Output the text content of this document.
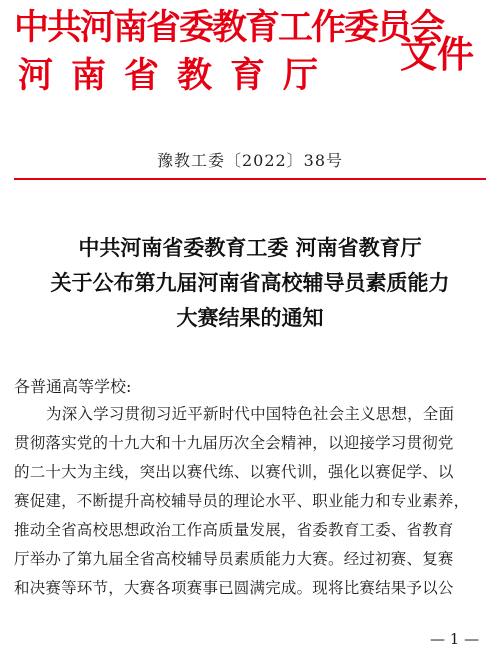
中共河南省委教育工作委员会
河南省教育厅 文件
豫教工委〔2022〕38号
中共河南省委教育工委 河南省教育厅
关于公布第九届河南省高校辅导员素质能力
大赛结果的通知
各普通高等学校:
为深入学习贯彻习近平新时代中国特色社会主义思想，全面
贯彻落实党的十九大和十九届历次全会精神，以迎接学习贯彻党
的二十大为主线，突出以赛代练、以赛代训，强化以赛促学、以
赛促建，不断提升高校辅导员的理论水平、职业能力和专业素养，
推动全省高校思想政治工作高质量发展，省委教育工委、省教育
厅举办了第九届全省高校辅导员素质能力大赛。经过初赛、复赛
和决赛等环节，大赛各项赛事已圆满完成。现将比赛结果予以公
— 1 —
